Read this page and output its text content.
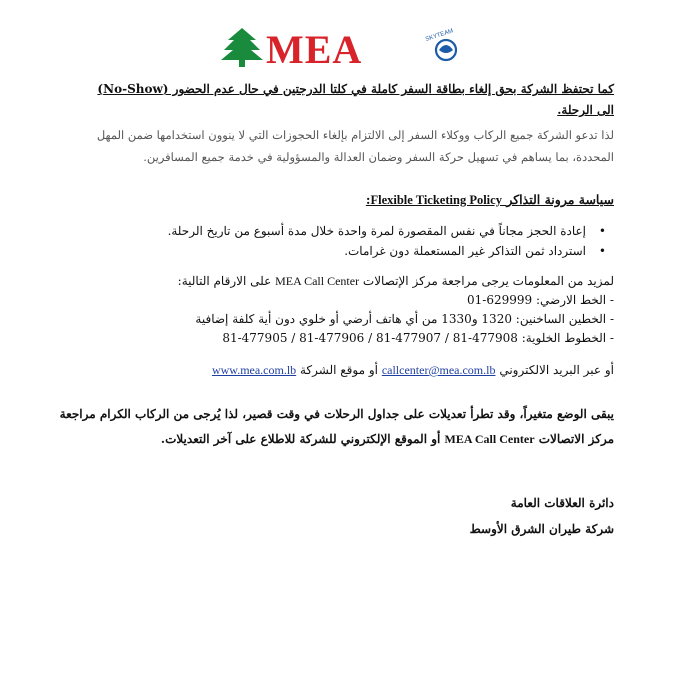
MEA	SKYTEAM
كما تحتفظ الشركة بحق إلغاء بطاقة السفر كاملة في كلتا الدرجتين في حال عدم الحضور (No-Show)
الى الرحلة.
لذا تدعو الشركة جميع الركاب ووكلاء السفر إلى الالتزام بإلغاء الحجوزات التي لا ينوون استخدامها ضمن المهل
المحددة، بما يساهم في تسهيل حركة السفر وضمان العدالة والمسؤولية في خدمة جميع المسافرين.
سياسة مرونة التذاكر Flexible Ticketing Policy:
•
إعادة الحجز مجاناً في نفس المقصورة لمرة واحدة خلال مدة أسبوع من تاريخ الرحلة.
•
استرداد ثمن التذاكر غير المستعملة دون غرامات.
لمزيد من المعلومات يرجى مراجعة مركز الإتصالات MEA Call Center على الارقام التالية:
- الخط الارضي: 629999-01
- الخطين الساخنين: 1320 و1330 من أي هاتف أرضي أو خلوي دون أية كلفة إضافية
- الخطوط الخلوية: 81-477905 / 81-477906 / 81-477907 / 81-477908
أو عبر البريد الالكتروني callcenter@mea.com.lb أو موقع الشركة www.mea.com.lb
يبقى الوضع متغيراً، وقد تطرأ تعديلات على جداول الرحلات في وقت قصير، لذا يُرجى من الركاب الكرام مراجعة
مركز الاتصالات MEA Call Center أو الموقع الإلكتروني للشركة للاطلاع على آخر التعديلات.
دائرة العلاقات العامة
شركة طيران الشرق الأوسط
